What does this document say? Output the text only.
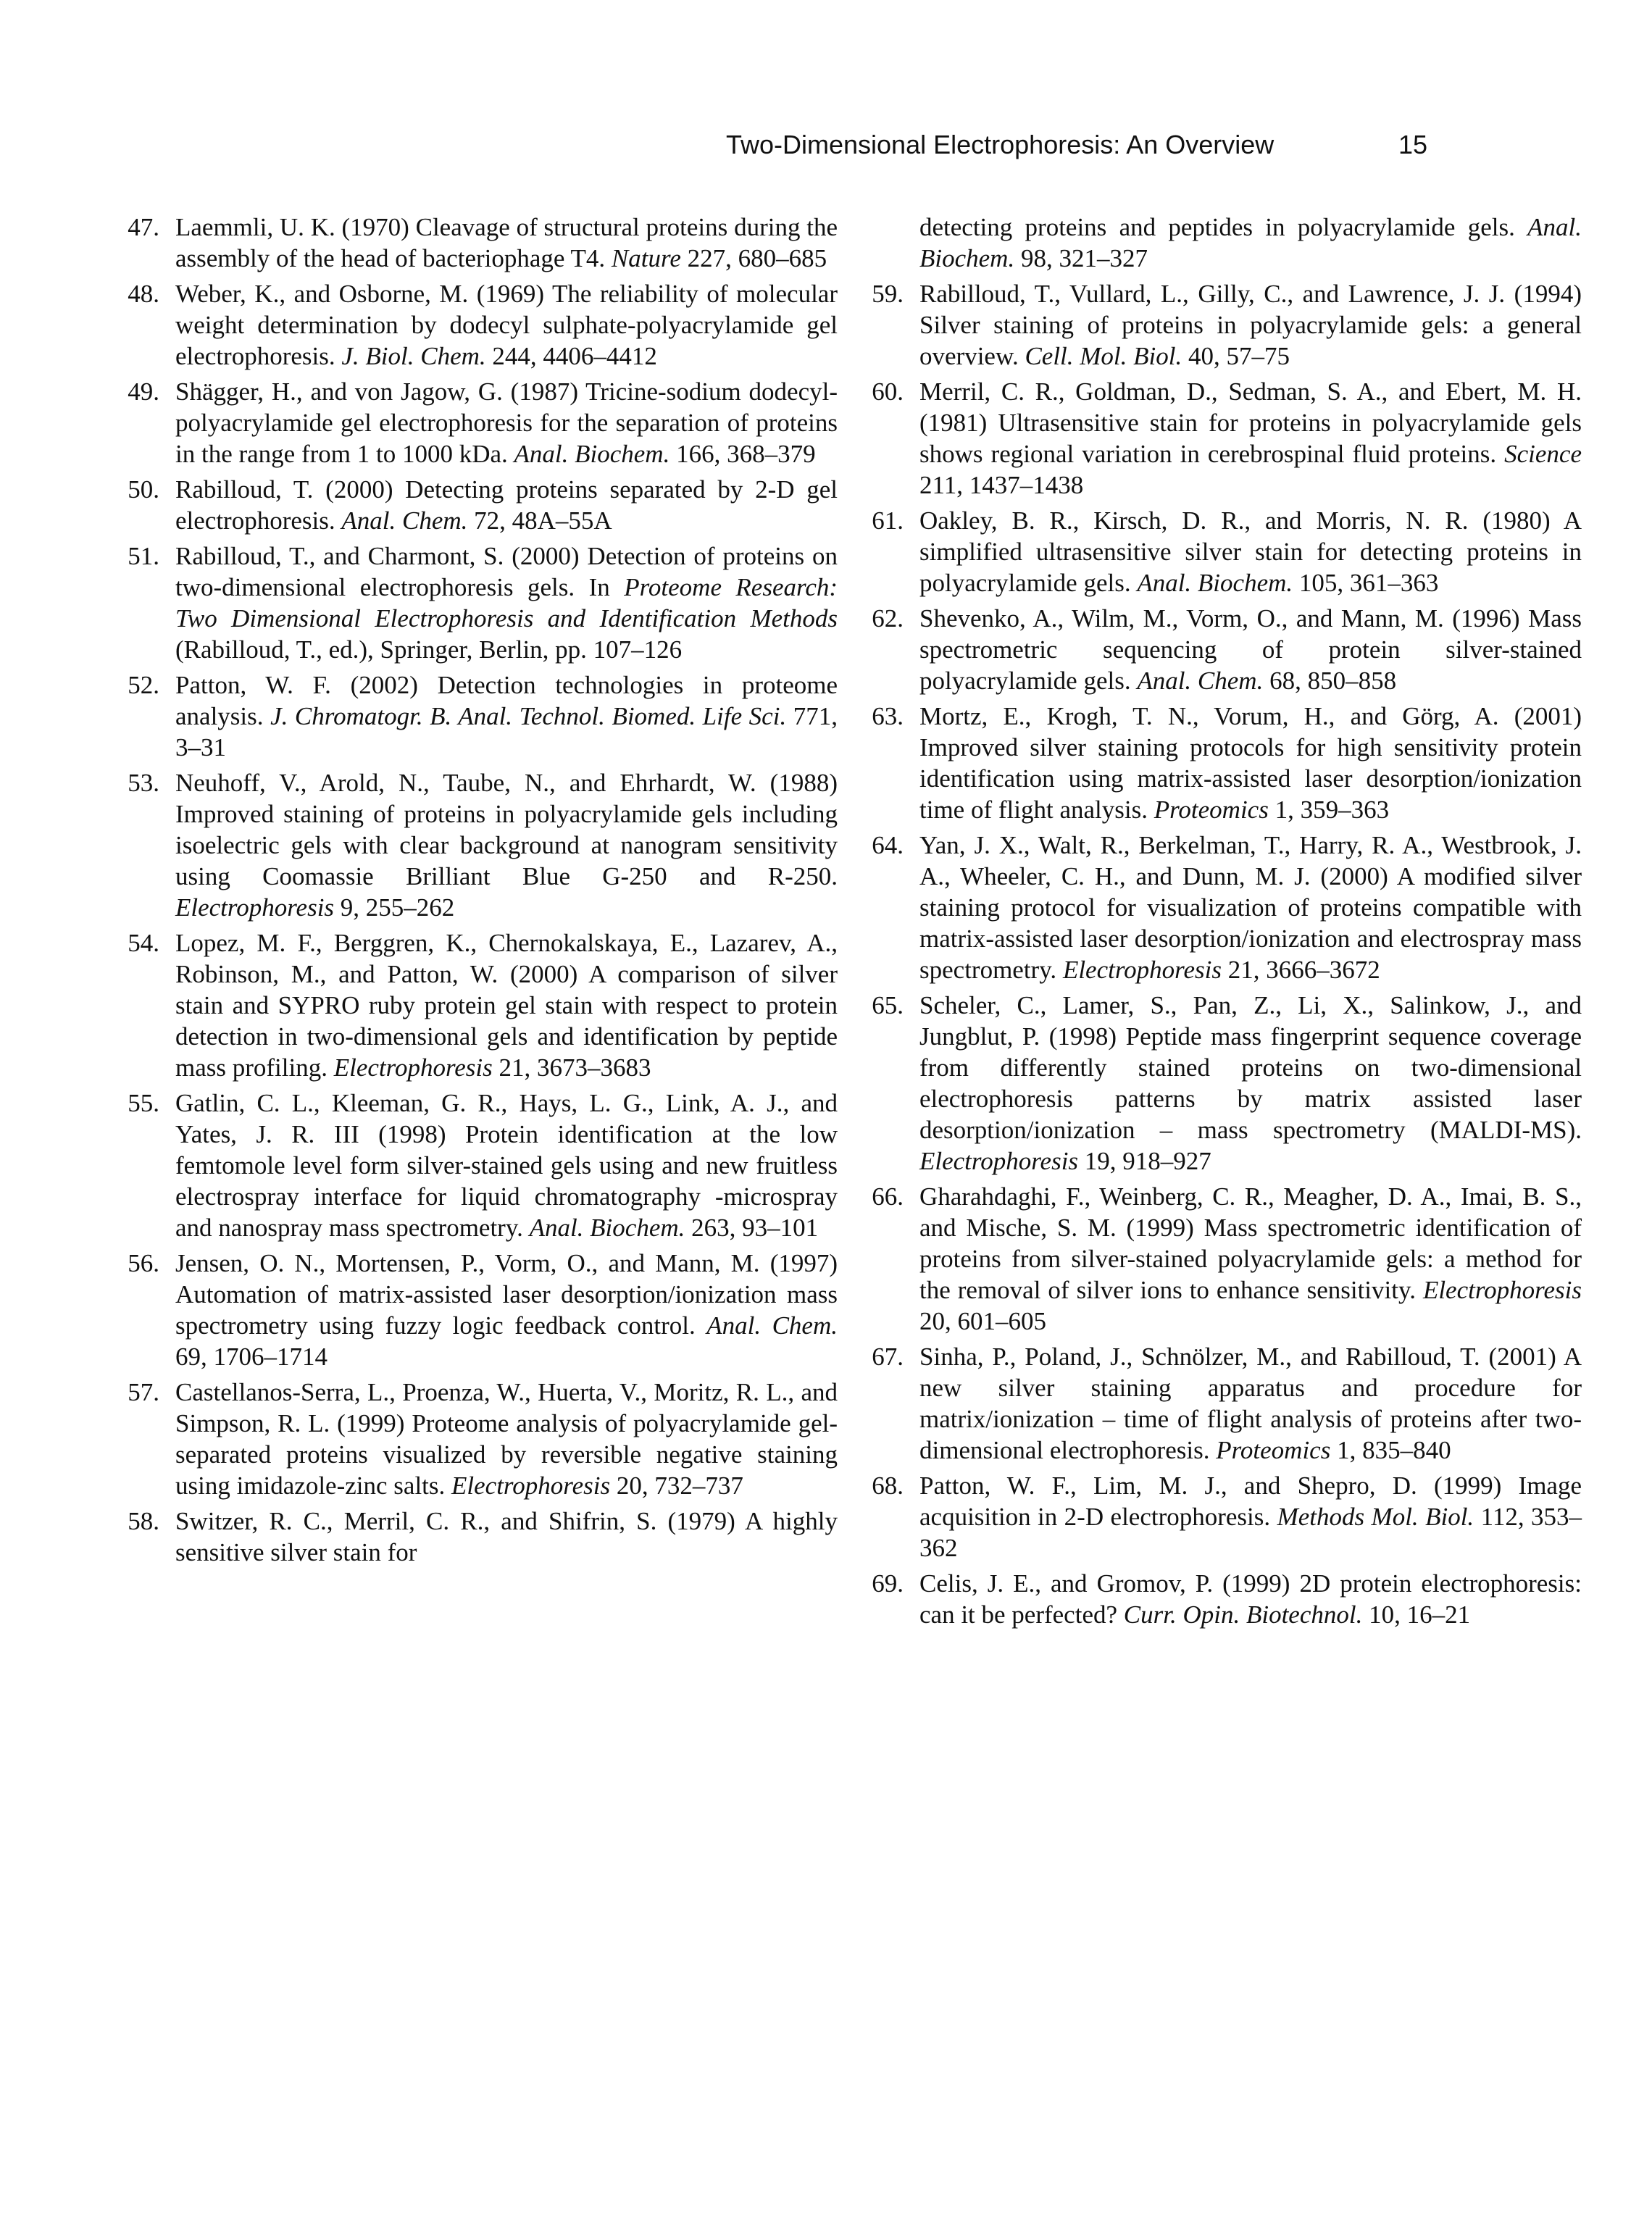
Two-Dimensional Electrophoresis: An Overview	15
47. Laemmli, U. K. (1970) Cleavage of structural proteins during the assembly of the head of bacteriophage T4. Nature 227, 680–685
48. Weber, K., and Osborne, M. (1969) The reliability of molecular weight determination by dodecyl sulphate-polyacrylamide gel electrophoresis. J. Biol. Chem. 244, 4406–4412
49. Shägger, H., and von Jagow, G. (1987) Tricine-sodium dodecyl-polyacrylamide gel electrophoresis for the separation of proteins in the range from 1 to 1000 kDa. Anal. Biochem. 166, 368–379
50. Rabilloud, T. (2000) Detecting proteins separated by 2-D gel electrophoresis. Anal. Chem. 72, 48A–55A
51. Rabilloud, T., and Charmont, S. (2000) Detection of proteins on two-dimensional electrophoresis gels. In Proteome Research: Two Dimensional Electrophoresis and Identification Methods (Rabilloud, T., ed.), Springer, Berlin, pp. 107–126
52. Patton, W. F. (2002) Detection technologies in proteome analysis. J. Chromatogr. B. Anal. Technol. Biomed. Life Sci. 771, 3–31
53. Neuhoff, V., Arold, N., Taube, N., and Ehrhardt, W. (1988) Improved staining of proteins in polyacrylamide gels including isoelectric gels with clear background at nanogram sensitivity using Coomassie Brilliant Blue G-250 and R-250. Electrophoresis 9, 255–262
54. Lopez, M. F., Berggren, K., Chernokalskaya, E., Lazarev, A., Robinson, M., and Patton, W. (2000) A comparison of silver stain and SYPRO ruby protein gel stain with respect to protein detection in two-dimensional gels and identification by peptide mass profiling. Electrophoresis 21, 3673–3683
55. Gatlin, C. L., Kleeman, G. R., Hays, L. G., Link, A. J., and Yates, J. R. III (1998) Protein identification at the low femtomole level form silver-stained gels using and new fruitless electrospray interface for liquid chromatography -microspray and nanospray mass spectrometry. Anal. Biochem. 263, 93–101
56. Jensen, O. N., Mortensen, P., Vorm, O., and Mann, M. (1997) Automation of matrix-assisted laser desorption/ionization mass spectrometry using fuzzy logic feedback control. Anal. Chem. 69, 1706–1714
57. Castellanos-Serra, L., Proenza, W., Huerta, V., Moritz, R. L., and Simpson, R. L. (1999) Proteome analysis of polyacrylamide gel-separated proteins visualized by reversible negative staining using imidazole-zinc salts. Electrophoresis 20, 732–737
58. Switzer, R. C., Merril, C. R., and Shifrin, S. (1979) A highly sensitive silver stain for
detecting proteins and peptides in polyacrylamide gels. Anal. Biochem. 98, 321–327
59. Rabilloud, T., Vullard, L., Gilly, C., and Lawrence, J. J. (1994) Silver staining of proteins in polyacrylamide gels: a general overview. Cell. Mol. Biol. 40, 57–75
60. Merril, C. R., Goldman, D., Sedman, S. A., and Ebert, M. H. (1981) Ultrasensitive stain for proteins in polyacrylamide gels shows regional variation in cerebrospinal fluid proteins. Science 211, 1437–1438
61. Oakley, B. R., Kirsch, D. R., and Morris, N. R. (1980) A simplified ultrasensitive silver stain for detecting proteins in polyacrylamide gels. Anal. Biochem. 105, 361–363
62. Shevenko, A., Wilm, M., Vorm, O., and Mann, M. (1996) Mass spectrometric sequencing of protein silver-stained polyacrylamide gels. Anal. Chem. 68, 850–858
63. Mortz, E., Krogh, T. N., Vorum, H., and Görg, A. (2001) Improved silver staining protocols for high sensitivity protein identification using matrix-assisted laser desorption/ionization time of flight analysis. Proteomics 1, 359–363
64. Yan, J. X., Walt, R., Berkelman, T., Harry, R. A., Westbrook, J. A., Wheeler, C. H., and Dunn, M. J. (2000) A modified silver staining protocol for visualization of proteins compatible with matrix-assisted laser desorption/ionization and electrospray mass spectrometry. Electrophoresis 21, 3666–3672
65. Scheler, C., Lamer, S., Pan, Z., Li, X., Salinkow, J., and Jungblut, P. (1998) Peptide mass fingerprint sequence coverage from differently stained proteins on two-dimensional electrophoresis patterns by matrix assisted laser desorption/ionization – mass spectrometry (MALDI-MS). Electrophoresis 19, 918–927
66. Gharahdaghi, F., Weinberg, C. R., Meagher, D. A., Imai, B. S., and Mische, S. M. (1999) Mass spectrometric identification of proteins from silver-stained polyacrylamide gels: a method for the removal of silver ions to enhance sensitivity. Electrophoresis 20, 601–605
67. Sinha, P., Poland, J., Schnölzer, M., and Rabilloud, T. (2001) A new silver staining apparatus and procedure for matrix/ionization – time of flight analysis of proteins after two-dimensional electrophoresis. Proteomics 1, 835–840
68. Patton, W. F., Lim, M. J., and Shepro, D. (1999) Image acquisition in 2-D electrophoresis. Methods Mol. Biol. 112, 353–362
69. Celis, J. E., and Gromov, P. (1999) 2D protein electrophoresis: can it be perfected? Curr. Opin. Biotechnol. 10, 16–21
